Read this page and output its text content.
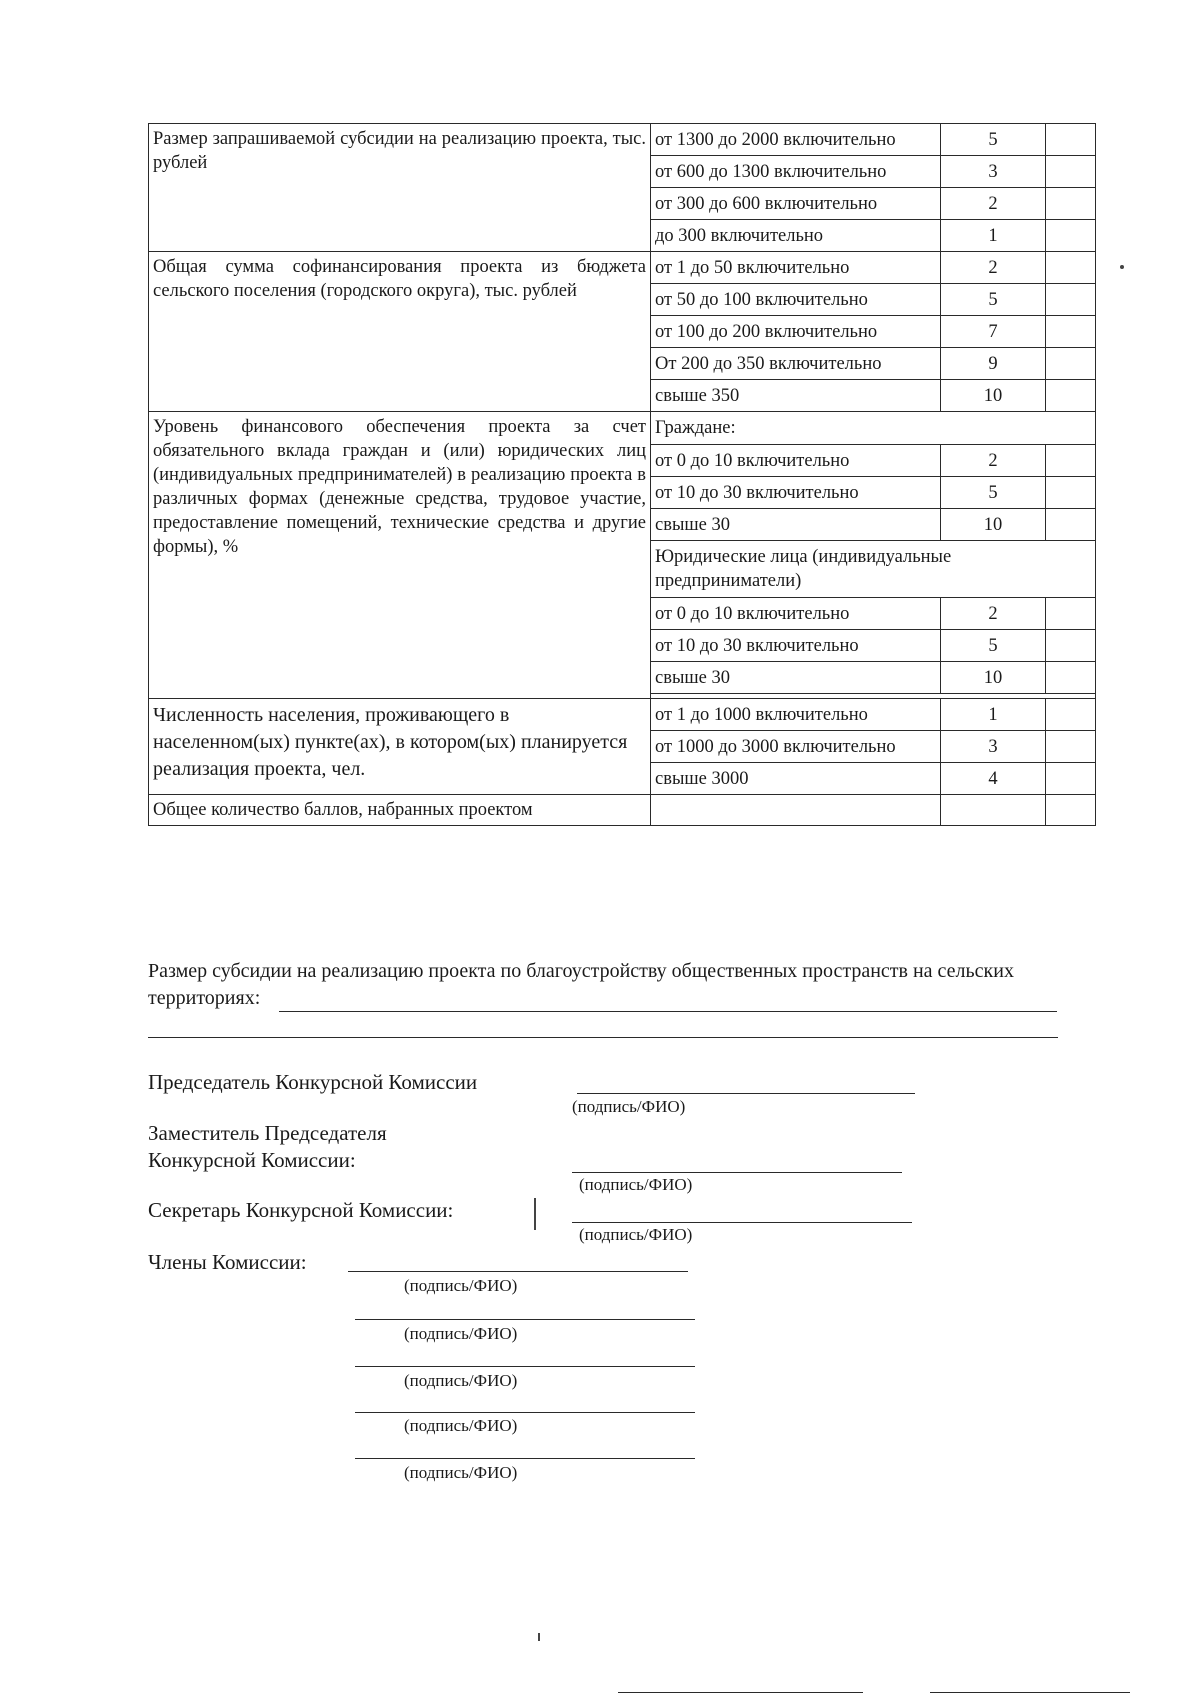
Размер запрашиваемой субсидии на реализацию проекта, тыс. рублей	от 1300 до 2000 включительно	5	
	от 600 до 1300 включительно	3	
	от 300 до 600 включительно	2	
	до 300 включительно	1	
Общая сумма софинансирования проекта из бюджета сельского поселения (городского округа), тыс. рублей	от 1 до 50 включительно	2	
	от 50 до 100 включительно	5	
	от 100 до 200 включительно	7	
	От 200 до 350 включительно	9	
	свыше 350	10	
Уровень финансового обеспечения проекта за счет обязательного вклада граждан и (или) юридических лиц (индивидуальных предпринимателей) в реализацию проекта в различных формах (денежные средства, трудовое участие, предоставление помещений, технические средства и другие формы), %	Граждане:		
	от 0 до 10 включительно	2	
	от 10 до 30 включительно	5	
	свыше 30	10	
	Юридические лица (индивидуальные предприниматели)		
	от 0 до 10 включительно	2	
	от 10 до 30 включительно	5	
	свыше 30	10	

Численность населения, проживающего в населенном(ых) пункте(ах), в котором(ых) планируется реализация проекта, чел.	от 1 до 1000 включительно	1	
	от 1000 до 3000 включительно	3	
	свыше 3000	4	
Общее количество баллов, набранных проектом			
Размер субсидии на реализацию проекта по благоустройству общественных пространств на сельских
территориях:
Председатель Конкурсной Комиссии
(подпись/ФИО)
Заместитель Председателя
Конкурсной Комиссии:
(подпись/ФИО)
Секретарь Конкурсной Комиссии:
(подпись/ФИО)
Члены Комиссии:
(подпись/ФИО)
(подпись/ФИО)
(подпись/ФИО)
(подпись/ФИО)
(подпись/ФИО)
